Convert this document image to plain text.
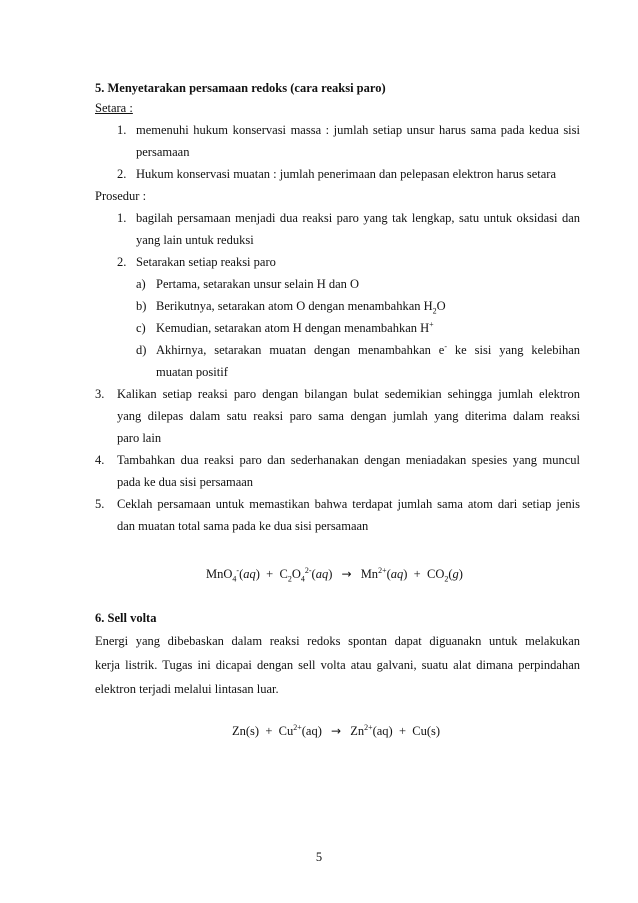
5. Menyetarakan persamaan redoks (cara reaksi paro)
Setara :
1. memenuhi hukum konservasi massa : jumlah setiap unsur harus sama pada kedua sisi
persamaan
2. Hukum konservasi muatan : jumlah penerimaan dan pelepasan elektron harus setara
Prosedur :
1. bagilah persamaan menjadi dua reaksi paro yang tak lengkap, satu untuk oksidasi dan
yang lain untuk reduksi
2. Setarakan setiap reaksi paro
a) Pertama, setarakan unsur selain H dan O
b) Berikutnya, setarakan atom O dengan menambahkan $H_2O$
c) Kemudian, setarakan atom H dengan menambahkan H+
d) Akhirnya,  setarakan  muatan  dengan  menambahkan  e-  ke  sisi  yang  kelebihan
muatan positif
3. Kalikan setiap reaksi paro dengan bilangan bulat sedemikian sehingga jumlah elektron
yang dilepas dalam satu reaksi paro sama dengan jumlah yang diterima dalam reaksi
paro lain
4. Tambahkan dua reaksi paro dan sederhanakan dengan meniadakan spesies yang muncul
pada ke dua sisi persamaan
5. Ceklah persamaan untuk memastikan bahwa terdapat jumlah sama atom dari setiap jenis
dan muatan total sama pada ke dua sisi persamaan
$MnO_4^-(aq) + C_2O_4^{2-}(aq) \to Mn^{2+}(aq) + CO_2(g)$
6. Sell volta
Energi yang dibebaskan dalam reaksi redoks spontan dapat diguanakn untuk melakukan
kerja listrik. Tugas ini dicapai dengan sell volta atau galvani, suatu alat dimana perpindahan
elektron terjadi melalui lintasan luar.
$Zn(s) + Cu^{2+}(aq) \to Zn^{2+}(aq) + Cu(s)$
5
